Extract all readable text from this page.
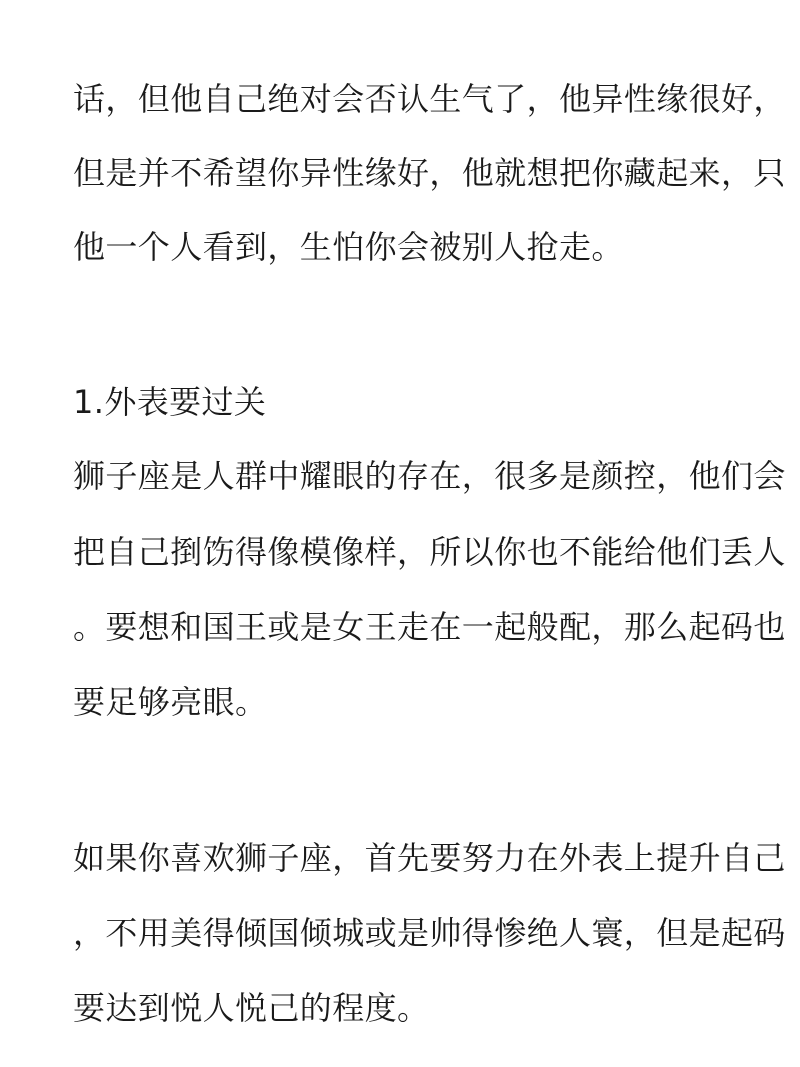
话，但他自己绝对会否认生气了，他异性缘很好，
但是并不希望你异性缘好，他就想把你藏起来，只
他一个人看到，生怕你会被别人抢走。
1.外表要过关
狮子座是人群中耀眼的存在，很多是颜控，他们会
把自己捯饬得像模像样，所以你也不能给他们丢人
。要想和国王或是女王走在一起般配，那么起码也
要足够亮眼。
如果你喜欢狮子座，首先要努力在外表上提升自己
，不用美得倾国倾城或是帅得惨绝人寰，但是起码
要达到悦人悦己的程度。
